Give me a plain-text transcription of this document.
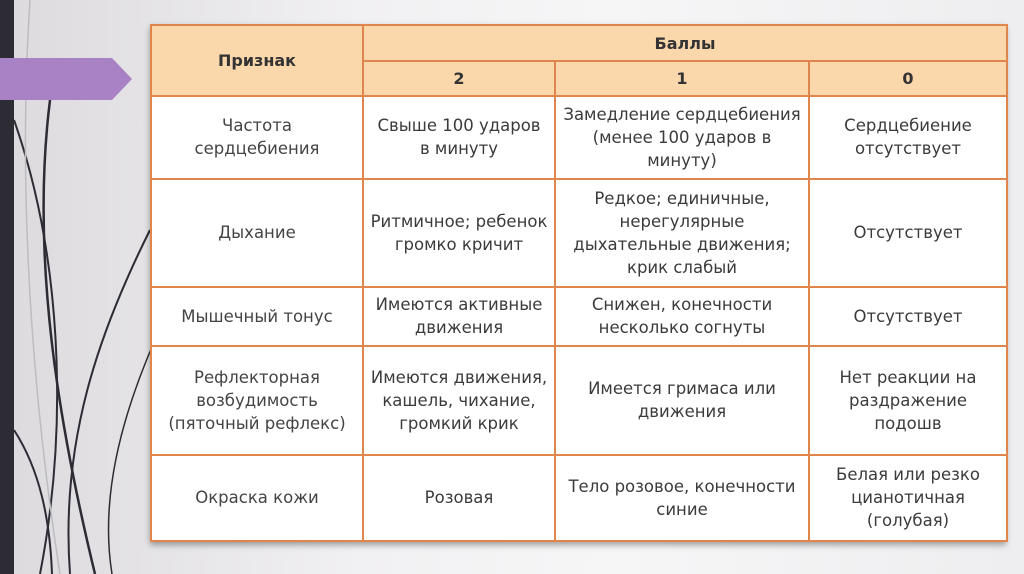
Признак	Баллы		
	2	1	0
Частота сердцебиения	Свыше 100 ударов в минуту	Замедление сердцебиения (менее 100 ударов в минуту)	Сердцебиение отсутствует
Дыхание	Ритмичное; ребенок громко кричит	Редкое; единичные, нерегулярные дыхательные движения; крик слабый	Отсутствует
Мышечный тонус	Имеются активные движения	Снижен, конечности несколько согнуты	Отсутствует
Рефлекторная возбудимость (пяточный рефлекс)	Имеются движения, кашель, чихание, громкий крик	Имеется гримаса или движения	Нет реакции на раздражение подошв
Окраска кожи	Розовая	Тело розовое, конечности синие	Белая или резко цианотичная (голубая)
